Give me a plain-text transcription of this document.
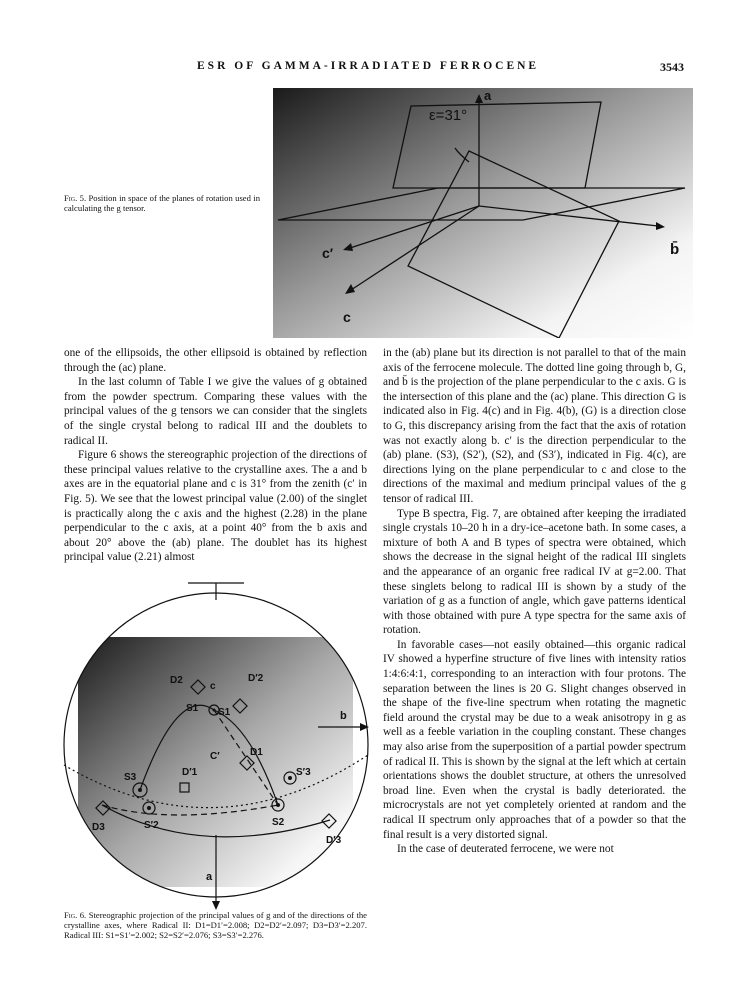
ESR OF GAMMA-IRRADIATED FERROCENE	3543
ε=31°
a
b̄
c′
c
Fig. 5. Position in space of the planes of rotation used in calculating the g tensor.

one of the ellipsoids, the other ellipsoid is obtained by reflection through the (ac) plane.

In the last column of Table I we give the values of g obtained from the powder spectrum. Comparing these values with the principal values of the g tensors we can consider that the singlets of the single crystal belong to radical III and the doublets to radical II.

Figure 6 shows the stereographic projection of the directions of these principal values relative to the crystalline axes. The a and b axes are in the equatorial plane and c is 31° from the zenith (c′ in Fig. 5). We see that the lowest principal value (2.00) of the singlet is practically along the c axis and the highest (2.28) in the plane perpendicular to the c axis, at a point 40° from the b axis and about 20° above the (ab) plane. The doublet has its highest principal value (2.21) almost

in the (ab) plane but its direction is not parallel to that of the main axis of the ferrocene molecule. The dotted line going through b, G, and b̄ is the projection of the plane perpendicular to the c axis. G is the intersection of this plane and the (ac) plane. This direction G is indicated also in Fig. 4(c) and in Fig. 4(b), (G) is a direction close to G, this discrepancy arising from the fact that the axis of rotation was not exactly along b. c′ is the direction perpendicular to the (ab) plane. (S3), (S2′), (S2), and (S3′), indicated in Fig. 4(c), are directions lying on the plane perpendicular to c and close to the directions of the maximal and medium principal values of the g tensor of radical III.

Type B spectra, Fig. 7, are obtained after keeping the irradiated single crystals 10–20 h in a dry-ice–acetone bath. In some cases, a mixture of both A and B types of spectra were obtained, which shows the decrease in the signal height of the radical III singlets and the appearance of an organic free radical IV at g=2.00. That these singlets belong to radical III is shown by a study of the variation of g as a function of angle, which gave patterns identical with those obtained with pure A type spectra for the same axis of rotation.

In favorable cases—not easily obtained—this organic radical IV showed a hyperfine structure of five lines with intensity ratios 1:4:6:4:1, corresponding to an interaction with four protons. The separation between the lines is 20 G. Slight changes observed in the shape of the five-line spectrum when rotating the magnetic field around the crystal may be due to a weak anisotropy in g as well as a feeble variation in the coupling constant. These changes may also arise from the superposition of a partial powder spectrum of radical II. This is shown by the signal at the left which at certain orientations shows the doublet structure, at others the unresolved broad line. Even when the crystal is badly deteriorated. the microcrystals are not yet completely oriented at random and the radical II spectrum only approaches that of a powder so that the final result is a very distorted signal.

In the case of deuterated ferrocene, we were not

c
C′
b
a
D1
D′1
D2	D′2
D3
D′3
S1 S1
S2
S′2
S3	S′3
Fig. 6. Stereographic projection of the principal values of g and of the directions of the crystalline axes, where Radical II: D1=D1′=2.008; D2=D2′=2.097; D3=D3′=2.207. Radical III: S1=S1′=2.002; S2=S2′=2.076; S3=S3′=2.276.
